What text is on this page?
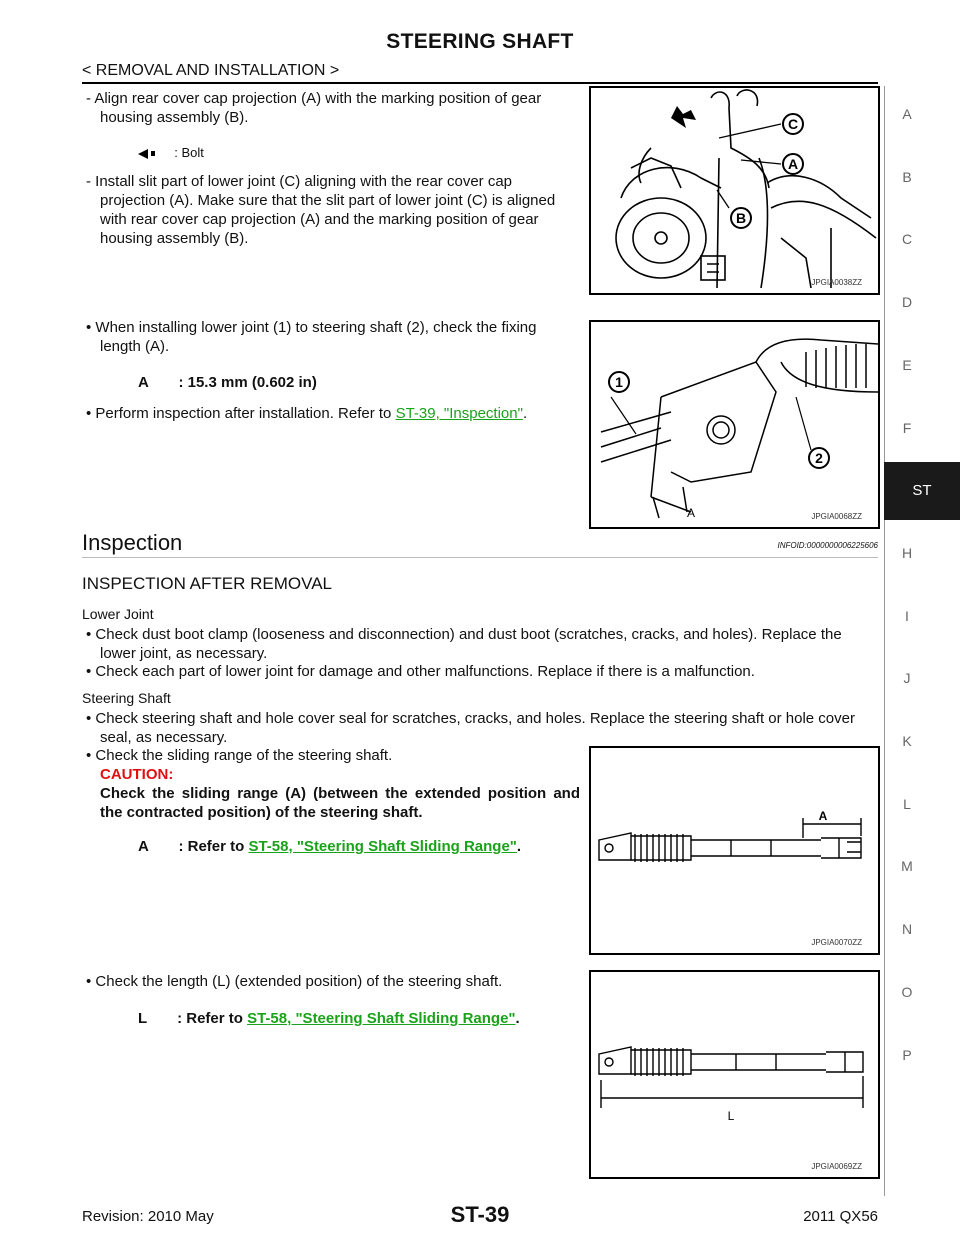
STEERING SHAFT
< REMOVAL AND INSTALLATION >
A
B
C
D
E
F
ST
H
I
J
K
L
M
N
O
P
- Align rear cover cap projection (A) with the marking position of gear housing assembly (B).
: Bolt
- Install slit part of lower joint (C) aligning with the rear cover cap projection (A). Make sure that the slit part of lower joint (C) is aligned with rear cover cap projection (A) and the marking position of gear housing assembly (B).
• When installing lower joint (1) to steering shaft (2), check the fixing length (A).
A : 15.3 mm (0.602 in)
• Perform inspection after installation. Refer to ST-39, "Inspection".
C
A
B
JPGIA0038ZZ
1
2
A	JPGIA0068ZZ
Inspection	INFOID:0000000006225606
INSPECTION AFTER REMOVAL
Lower Joint
• Check dust boot clamp (looseness and disconnection) and dust boot (scratches, cracks, and holes). Replace the lower joint, as necessary.
• Check each part of lower joint for damage and other malfunctions. Replace if there is a malfunction.
Steering Shaft
• Check steering shaft and hole cover seal for scratches, cracks, and holes. Replace the steering shaft or hole cover seal, as necessary.
• Check the sliding range of the steering shaft.
CAUTION:
Check the sliding range (A) (between the extended position and the contracted position) of the steering shaft.
A : Refer to ST-58, "Steering Shaft Sliding Range".
• Check the length (L) (extended position) of the steering shaft.
L : Refer to ST-58, "Steering Shaft Sliding Range".
A
JPGIA0070ZZ
L
JPGIA0069ZZ
Revision: 2010 May	ST-39	2011 QX56
